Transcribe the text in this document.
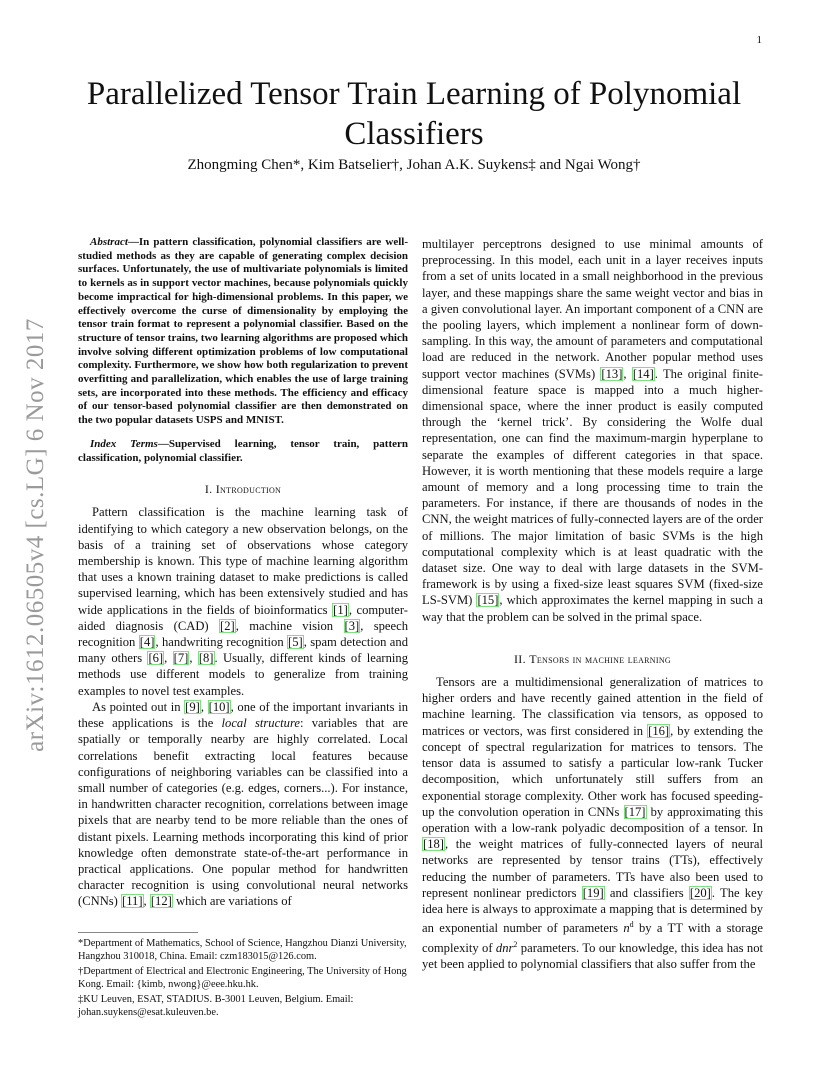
1
arXiv:1612.06505v4 [cs.LG] 6 Nov 2017
Parallelized Tensor Train Learning of Polynomial Classifiers
Zhongming Chen*, Kim Batselier†, Johan A.K. Suykens‡ and Ngai Wong†

Abstract—In pattern classification, polynomial classifiers are well-studied methods as they are capable of generating complex decision surfaces. Unfortunately, the use of multivariate polynomials is limited to kernels as in support vector machines, because polynomials quickly become impractical for high-dimensional problems. In this paper, we effectively overcome the curse of dimensionality by employing the tensor train format to represent a polynomial classifier. Based on the structure of tensor trains, two learning algorithms are proposed which involve solving different optimization problems of low computational complexity. Furthermore, we show how both regularization to prevent overfitting and parallelization, which enables the use of large training sets, are incorporated into these methods. The efficiency and efficacy of our tensor-based polynomial classifier are then demonstrated on the two popular datasets USPS and MNIST.

Index Terms—Supervised learning, tensor train, pattern classification, polynomial classifier.

I. Introduction

Pattern classification is the machine learning task of identifying to which category a new observation belongs, on the basis of a training set of observations whose category membership is known. This type of machine learning algorithm that uses a known training dataset to make predictions is called supervised learning, which has been extensively studied and has wide applications in the fields of bioinformatics [1], computer-aided diagnosis (CAD) [2], machine vision [3], speech recognition [4], handwriting recognition [5], spam detection and many others [6], [7], [8]. Usually, different kinds of learning methods use different models to generalize from training examples to novel test examples.

As pointed out in [9], [10], one of the important invariants in these applications is the local structure: variables that are spatially or temporally nearby are highly correlated. Local correlations benefit extracting local features because configurations of neighboring variables can be classified into a small number of categories (e.g. edges, corners...). For instance, in handwritten character recognition, correlations between image pixels that are nearby tend to be more reliable than the ones of distant pixels. Learning methods incorporating this kind of prior knowledge often demonstrate state-of-the-art performance in practical applications. One popular method for handwritten character recognition is using convolutional neural networks (CNNs) [11], [12] which are variations of

*Department of Mathematics, School of Science, Hangzhou Dianzi University, Hangzhou 310018, China. Email: czm183015@126.com.

†Department of Electrical and Electronic Engineering, The University of Hong Kong. Email: {kimb, nwong}@eee.hku.hk.

‡KU Leuven, ESAT, STADIUS. B-3001 Leuven, Belgium. Email: johan.suykens@esat.kuleuven.be.

multilayer perceptrons designed to use minimal amounts of preprocessing. In this model, each unit in a layer receives inputs from a set of units located in a small neighborhood in the previous layer, and these mappings share the same weight vector and bias in a given convolutional layer. An important component of a CNN are the pooling layers, which implement a nonlinear form of down-sampling. In this way, the amount of parameters and computational load are reduced in the network. Another popular method uses support vector machines (SVMs) [13], [14]. The original finite-dimensional feature space is mapped into a much higher-dimensional space, where the inner product is easily computed through the ‘kernel trick’. By considering the Wolfe dual representation, one can find the maximum-margin hyperplane to separate the examples of different categories in that space. However, it is worth mentioning that these models require a large amount of memory and a long processing time to train the parameters. For instance, if there are thousands of nodes in the CNN, the weight matrices of fully-connected layers are of the order of millions. The major limitation of basic SVMs is the high computational complexity which is at least quadratic with the dataset size. One way to deal with large datasets in the SVM-framework is by using a fixed-size least squares SVM (fixed-size LS-SVM) [15], which approximates the kernel mapping in such a way that the problem can be solved in the primal space.

II. Tensors in machine learning

Tensors are a multidimensional generalization of matrices to higher orders and have recently gained attention in the field of machine learning. The classification via tensors, as opposed to matrices or vectors, was first considered in [16], by extending the concept of spectral regularization for matrices to tensors. The tensor data is assumed to satisfy a particular low-rank Tucker decomposition, which unfortunately still suffers from an exponential storage complexity. Other work has focused speeding-up the convolution operation in CNNs [17] by approximating this operation with a low-rank polyadic decomposition of a tensor. In [18], the weight matrices of fully-connected layers of neural networks are represented by tensor trains (TTs), effectively reducing the number of parameters. TTs have also been used to represent nonlinear predictors [19] and classifiers [20]. The key idea here is always to approximate a mapping that is determined by an exponential number of parameters $n^d$ by a TT with a storage complexity of dnr$^2$ parameters. To our knowledge, this idea has not yet been applied to polynomial classifiers that also suffer from the
